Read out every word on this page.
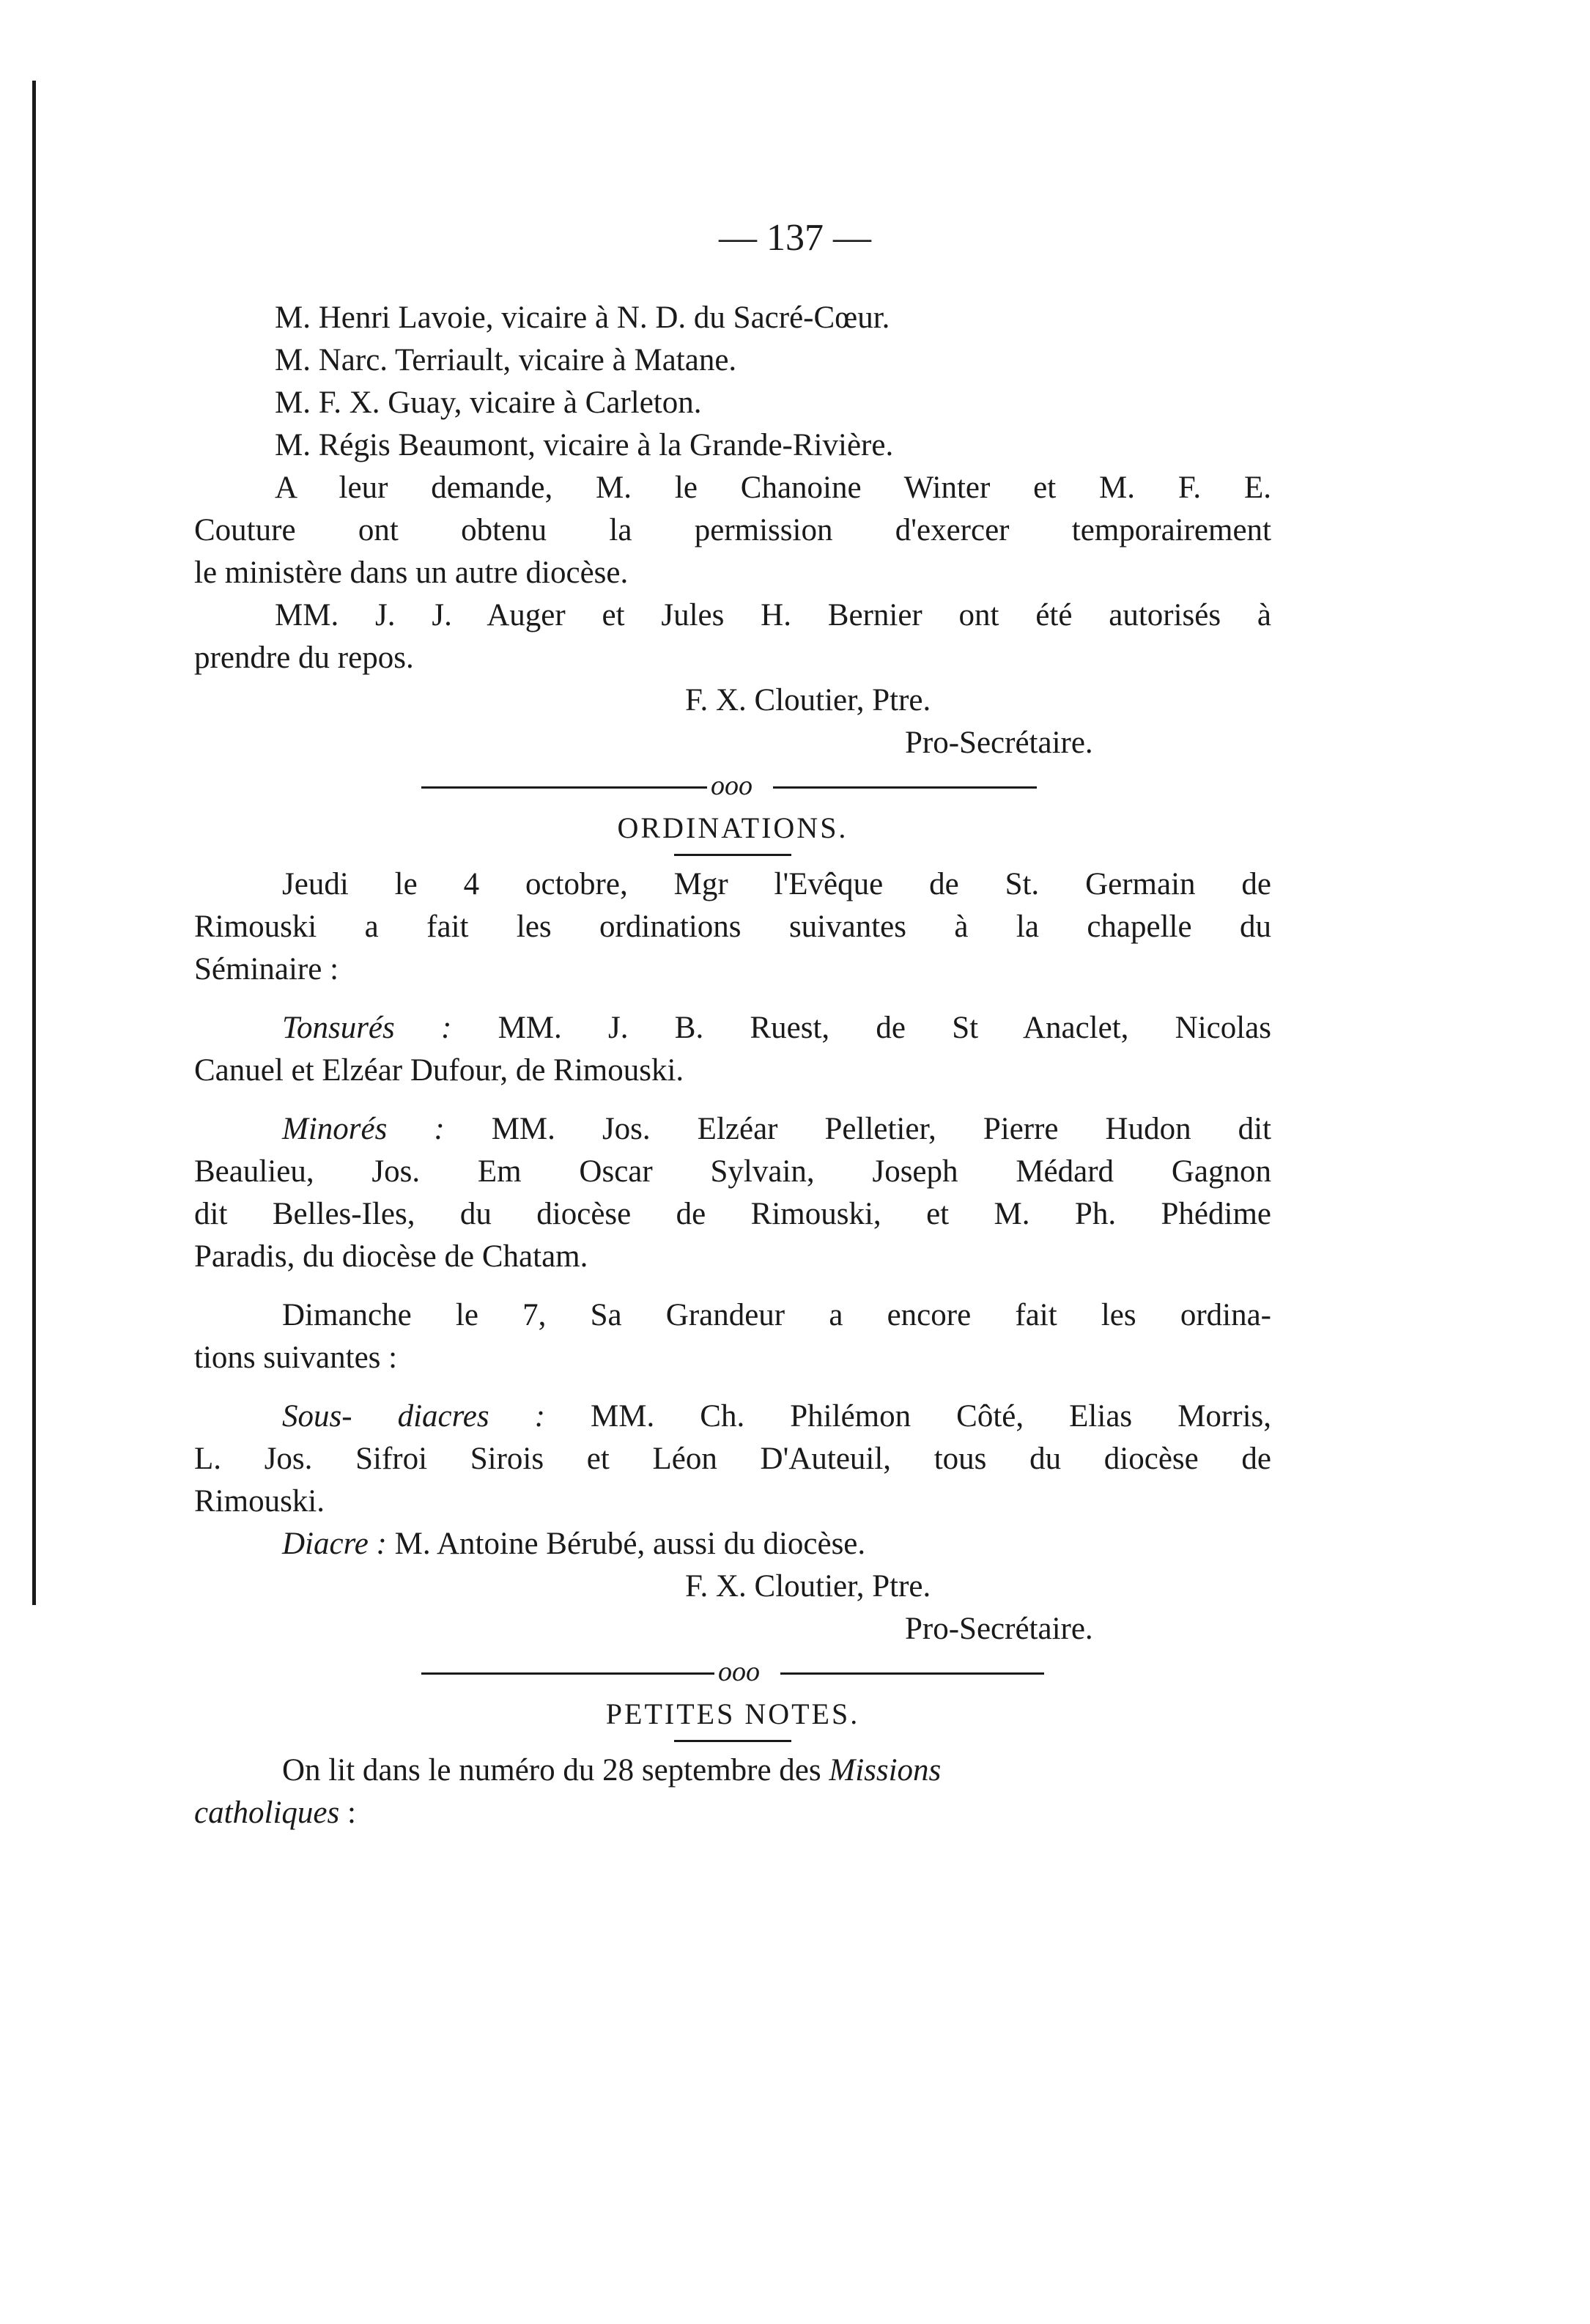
— 137 —
M. Henri Lavoie, vicaire à N. D. du Sacré-Cœur.
M. Narc. Terriault, vicaire à Matane.
M. F. X. Guay, vicaire à Carleton.
M. Régis Beaumont, vicaire à la Grande-Rivière.
A leur demande, M. le Chanoine Winter et M. F. E.
Couture ont obtenu la permission d'exercer temporairement
le ministère dans un autre diocèse.
MM. J. J. Auger et Jules H. Bernier ont été autorisés à
prendre du repos.
F. X. Cloutier, Ptre.
Pro-Secrétaire.
ooo
ORDINATIONS.
Jeudi le 4 octobre, Mgr l'Evêque de St. Germain de
Rimouski a fait les ordinations suivantes à la chapelle du
Séminaire :
Tonsurés : MM. J. B. Ruest, de St Anaclet, Nicolas
Canuel et Elzéar Dufour, de Rimouski.
Minorés : MM. Jos. Elzéar Pelletier, Pierre Hudon dit
Beaulieu, Jos. Em Oscar Sylvain, Joseph Médard Gagnon
dit Belles-Iles, du diocèse de Rimouski, et M. Ph. Phédime
Paradis, du diocèse de Chatam.
Dimanche le 7, Sa Grandeur a encore fait les ordina-
tions suivantes :
Sous- diacres : MM. Ch. Philémon Côté, Elias Morris,
L. Jos. Sifroi Sirois et Léon D'Auteuil, tous du diocèse de
Rimouski.
Diacre : M. Antoine Bérubé, aussi du diocèse.
F. X. Cloutier, Ptre.
Pro-Secrétaire.
ooo
PETITES NOTES.
On lit dans le numéro du 28 septembre des Missions
catholiques :
